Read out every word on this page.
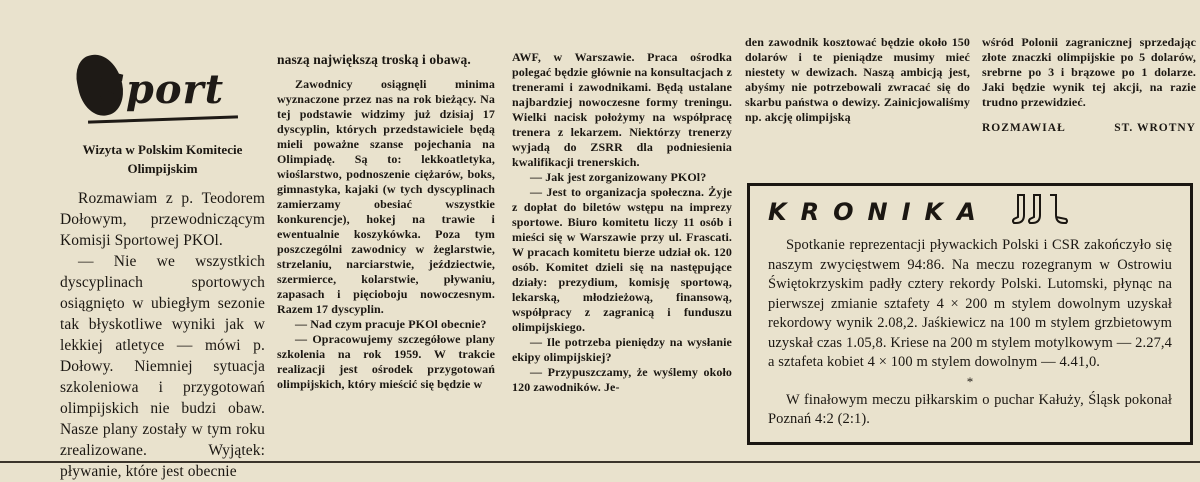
Sport
Wizyta w Polskim Komitecie Olimpijskim

Rozmawiam z p. Teodorem Dołowym, przewodniczącym Komisji Sportowej PKOl.

— Nie we wszystkich dyscyplinach sportowych osiągnięto w ubiegłym sezonie tak błyskotliwe wyniki jak w lekkiej atletyce — mówi p. Dołowy. Niemniej sytuacja szkoleniowa i przygotowań olimpijskich nie budzi obaw. Nasze plany zostały w tym roku zrealizowane. Wyjątek: pływanie, które jest obecnie

naszą największą troską i obawą.

Zawodnicy osiągnęli minima wyznaczone przez nas na rok bieżący. Na tej podstawie widzimy już dzisiaj 17 dyscyplin, których przedstawiciele będą mieli poważne szanse pojechania na Olimpiadę. Są to: lekkoatletyka, wioślarstwo, podnoszenie ciężarów, boks, gimnastyka, kajaki (w tych dyscyplinach zamierzamy obesiać wszystkie konkurencje), hokej na trawie i ewentualnie koszykówka. Poza tym poszczególni zawodnicy w żeglarstwie, strzelaniu, narciarstwie, jeździectwie, szermierce, kolarstwie, pływaniu, zapasach i pięcioboju nowoczesnym. Razem 17 dyscyplin.

— Nad czym pracuje PKOl obecnie?

— Opracowujemy szczegółowe plany szkolenia na rok 1959. W trakcie realizacji jest ośrodek przygotowań olimpijskich, który mieścić się będzie w

AWF, w Warszawie. Praca ośrodka polegać będzie głównie na konsultacjach z trenerami i zawodnikami. Będą ustalane najbardziej nowoczesne formy treningu. Wielki nacisk położymy na współpracę trenera z lekarzem. Niektórzy trenerzy wyjadą do ZSRR dla podniesienia kwalifikacji trenerskich.

— Jak jest zorganizowany PKOl?

— Jest to organizacja społeczna. Żyje z dopłat do biletów wstępu na imprezy sportowe. Biuro komitetu liczy 11 osób i mieści się w Warszawie przy ul. Frascati. W pracach komitetu bierze udział ok. 120 osób. Komitet dzieli się na następujące działy: prezydium, komisję sportową, lekarską, młodzieżową, finansową, współpracy z zagranicą i funduszu olimpijskiego.

— Ile potrzeba pieniędzy na wysłanie ekipy olimpijskiej?

— Przypuszczamy, że wyślemy około 120 zawodników. Je-

den zawodnik kosztować będzie około 150 dolarów i te pieniądze musimy mieć niestety w dewizach. Naszą ambicją jest, abyśmy nie potrzebowali zwracać się do skarbu państwa o dewizy. Zainicjowaliśmy np. akcję olimpijską

wśród Polonii zagranicznej sprzedając złote znaczki olimpijskie po 5 dolarów, srebrne po 3 i brązowe po 1 dolarze. Jaki będzie wynik tej akcji, na razie trudno przewidzieć.

ROZMAWIAŁ	ST. WROTNY
KRONIKA

Spotkanie reprezentacji pływackich Polski i CSR zakończyło się naszym zwycięstwem 94:86. Na meczu rozegranym w Ostrowiu Świętokrzyskim padły cztery rekordy Polski. Lutomski, płynąc na pierwszej zmianie sztafety 4 × 200 m stylem dowolnym uzyskał rekordowy wynik 2.08,2. Jaśkiewicz na 100 m stylem grzbietowym uzyskał czas 1.05,8. Kriese na 200 m stylem motylkowym — 2.27,4 a sztafeta kobiet 4 × 100 m stylem dowolnym — 4.41,0.

*

W finałowym meczu piłkarskim o puchar Kałuży, Śląsk pokonał Poznań 4:2 (2:1).
